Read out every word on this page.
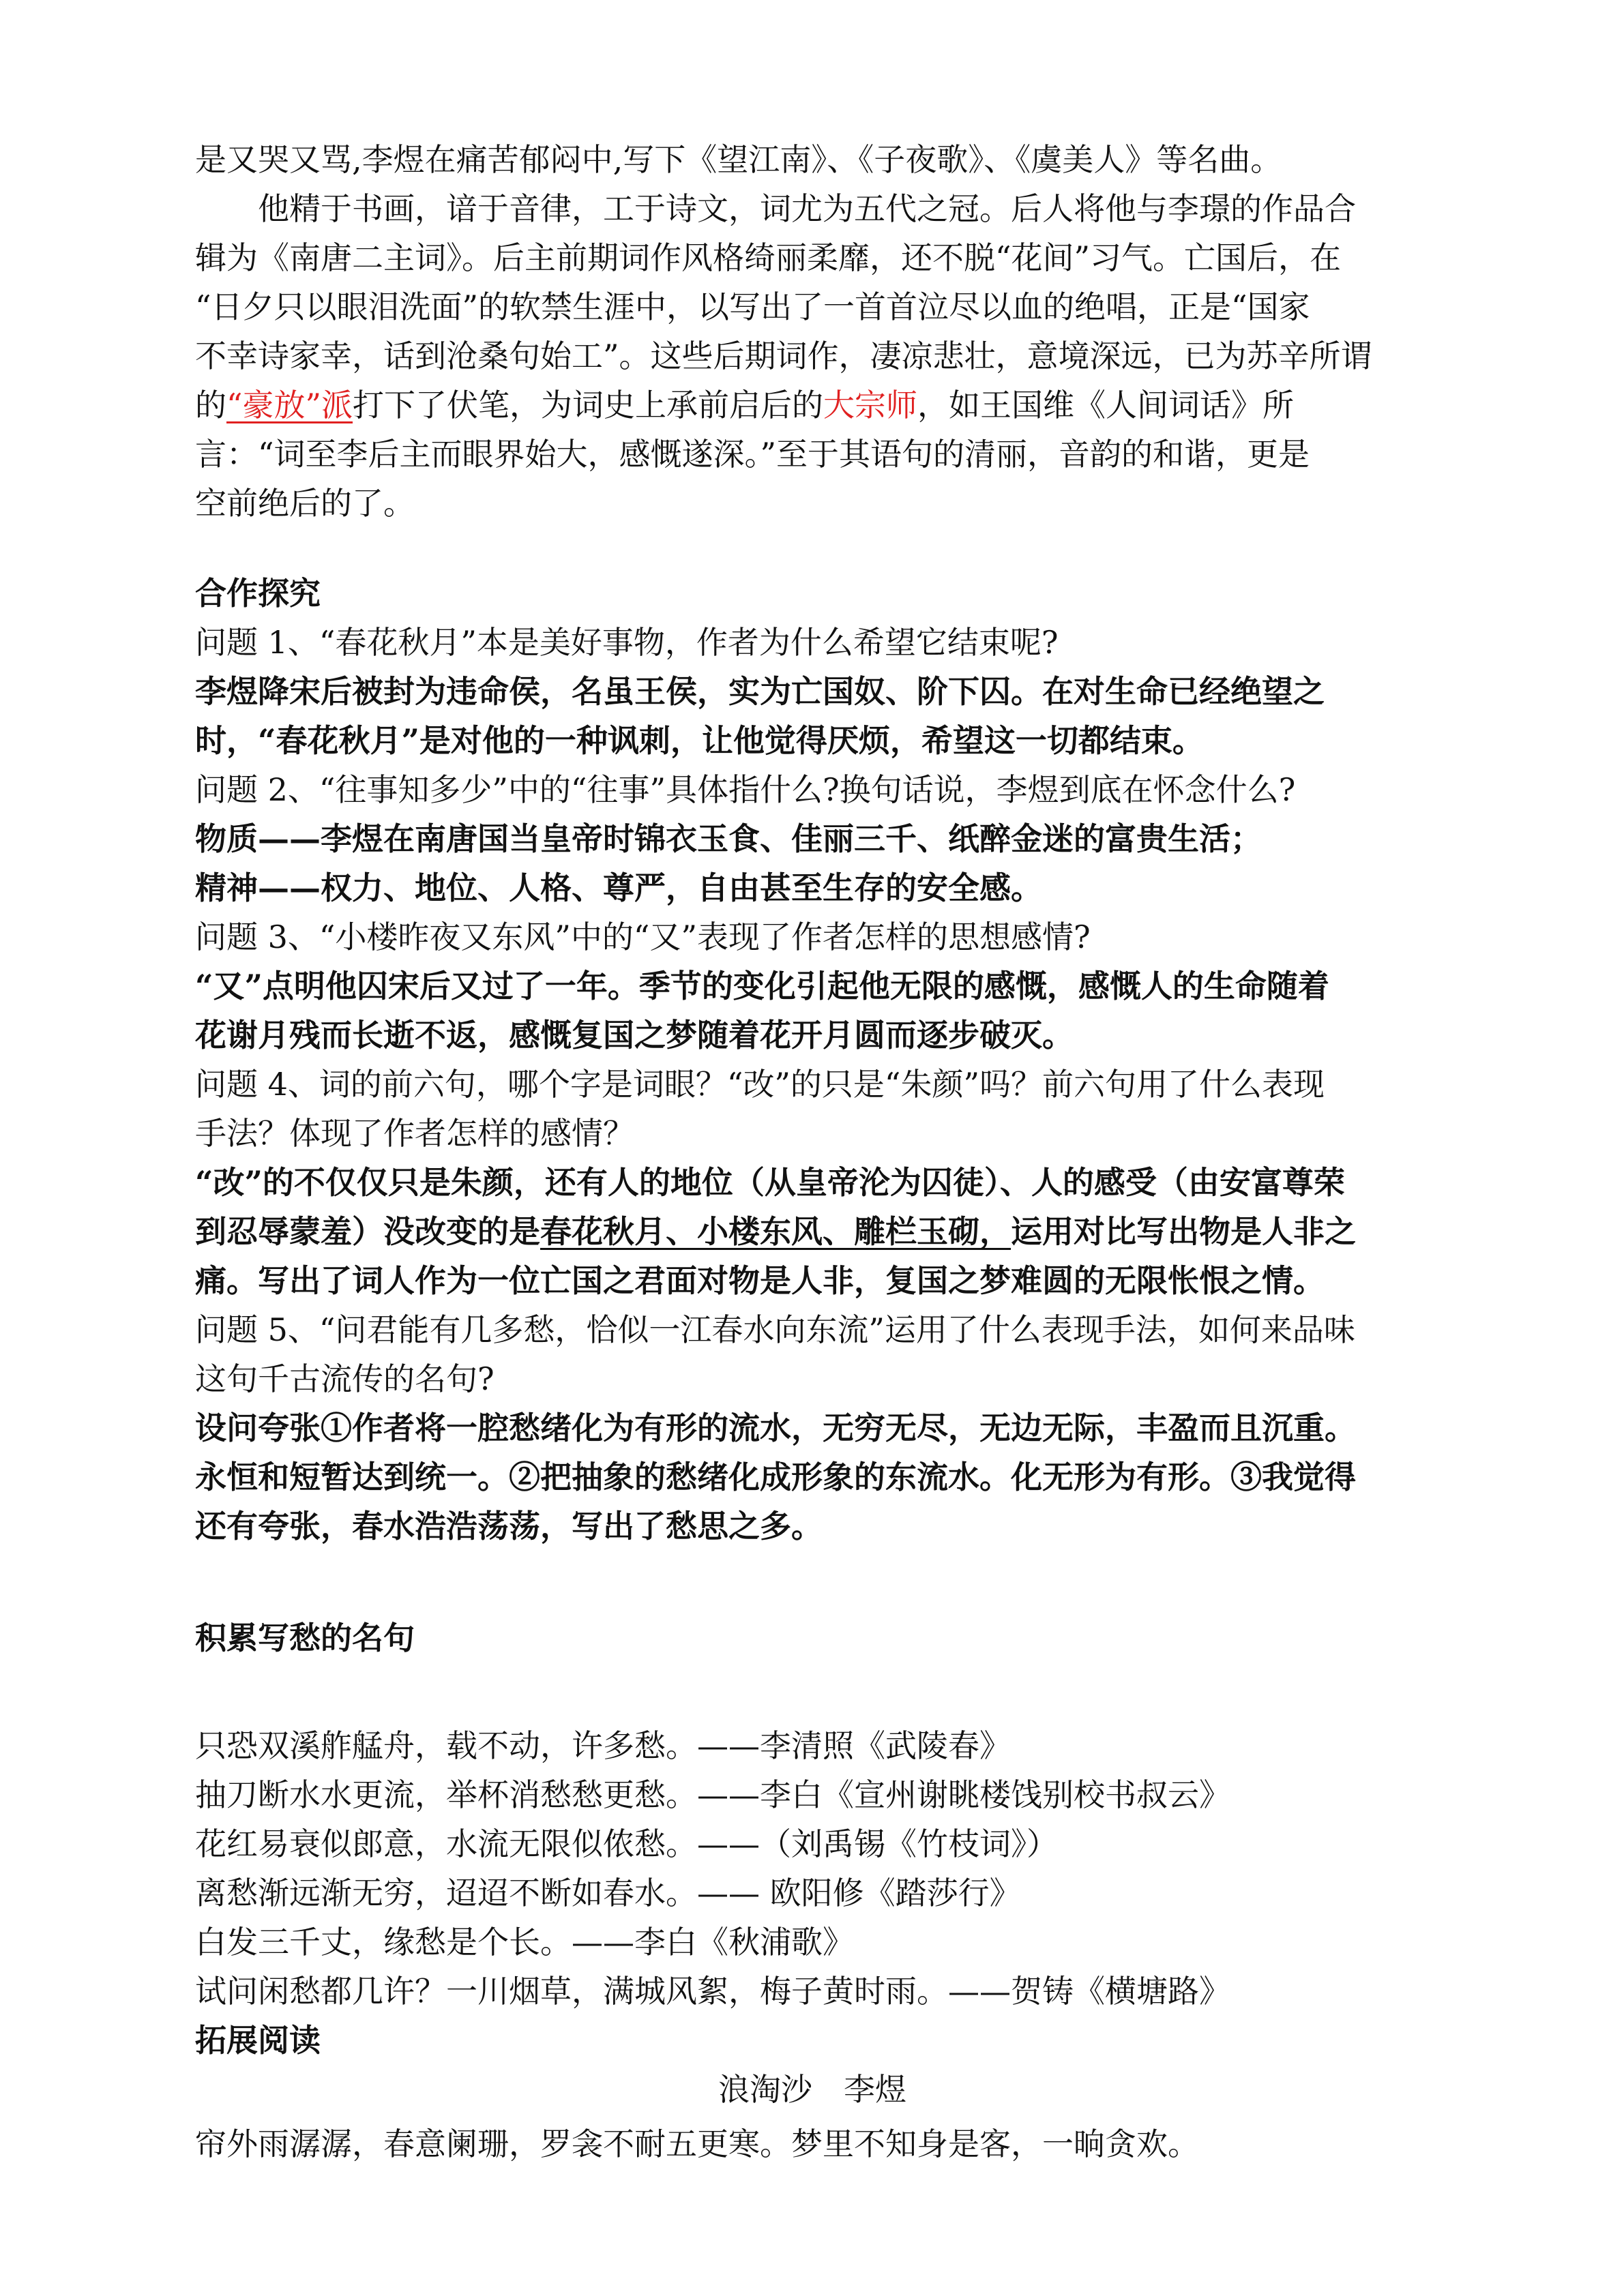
是又哭又骂,李煜在痛苦郁闷中,写下《望江南》、《子夜歌》、《虞美人》等名曲。

他精于书画，谙于音律，工于诗文，词尤为五代之冠。后人将他与李璟的作品合

辑为《南唐二主词》。后主前期词作风格绮丽柔靡，还不脱“花间”习气。亡国后，在

“日夕只以眼泪洗面”的软禁生涯中，以写出了一首首泣尽以血的绝唱，正是“国家

不幸诗家幸，话到沧桑句始工”。这些后期词作，凄凉悲壮，意境深远，已为苏辛所谓

的“豪放”派打下了伏笔，为词史上承前启后的大宗师，如王国维《人间词话》所

言：“词至李后主而眼界始大，感慨遂深。”至于其语句的清丽，音韵的和谐，更是

空前绝后的了。

合作探究

问题 1、“春花秋月”本是美好事物，作者为什么希望它结束呢?

李煜降宋后被封为违命侯，名虽王侯，实为亡国奴、阶下囚。在对生命已经绝望之

时，“春花秋月”是对他的一种讽刺，让他觉得厌烦，希望这一切都结束。

问题 2、“往事知多少”中的“往事”具体指什么?换句话说，李煜到底在怀念什么?

物质——李煜在南唐国当皇帝时锦衣玉食、佳丽三千、纸醉金迷的富贵生活；

精神——权力、地位、人格、尊严，自由甚至生存的安全感。

问题 3、“小楼昨夜又东风”中的“又”表现了作者怎样的思想感情?

“又”点明他囚宋后又过了一年。季节的变化引起他无限的感慨，感慨人的生命随着

花谢月残而长逝不返，感慨复国之梦随着花开月圆而逐步破灭。

问题 4、词的前六句，哪个字是词眼？“改”的只是“朱颜”吗？前六句用了什么表现

手法？体现了作者怎样的感情？

“改”的不仅仅只是朱颜，还有人的地位（从皇帝沦为囚徒）、人的感受（由安富尊荣

到忍辱蒙羞）没改变的是春花秋月、小楼东风、雕栏玉砌，运用对比写出物是人非之

痛。写出了词人作为一位亡国之君面对物是人非，复国之梦难圆的无限怅恨之情。

问题 5、“问君能有几多愁，恰似一江春水向东流”运用了什么表现手法，如何来品味

这句千古流传的名句?

设问夸张①作者将一腔愁绪化为有形的流水，无穷无尽，无边无际，丰盈而且沉重。

永恒和短暂达到统一。②把抽象的愁绪化成形象的东流水。化无形为有形。③我觉得

还有夸张，春水浩浩荡荡，写出了愁思之多。

积累写愁的名句

只恐双溪舴艋舟，载不动，许多愁。——李清照《武陵春》

抽刀断水水更流，举杯消愁愁更愁。——李白《宣州谢眺楼饯别校书叔云》

花红易衰似郎意，水流无限似侬愁。——（刘禹锡《竹枝词》）

离愁渐远渐无穷，迢迢不断如春水。—— 欧阳修《踏莎行》

白发三千丈，缘愁是个长。——李白《秋浦歌》

试问闲愁都几许？一川烟草，满城风絮，梅子黄时雨。——贺铸《横塘路》

拓展阅读

浪淘沙　李煜

帘外雨潺潺，春意阑珊，罗衾不耐五更寒。梦里不知身是客，一晌贪欢。
